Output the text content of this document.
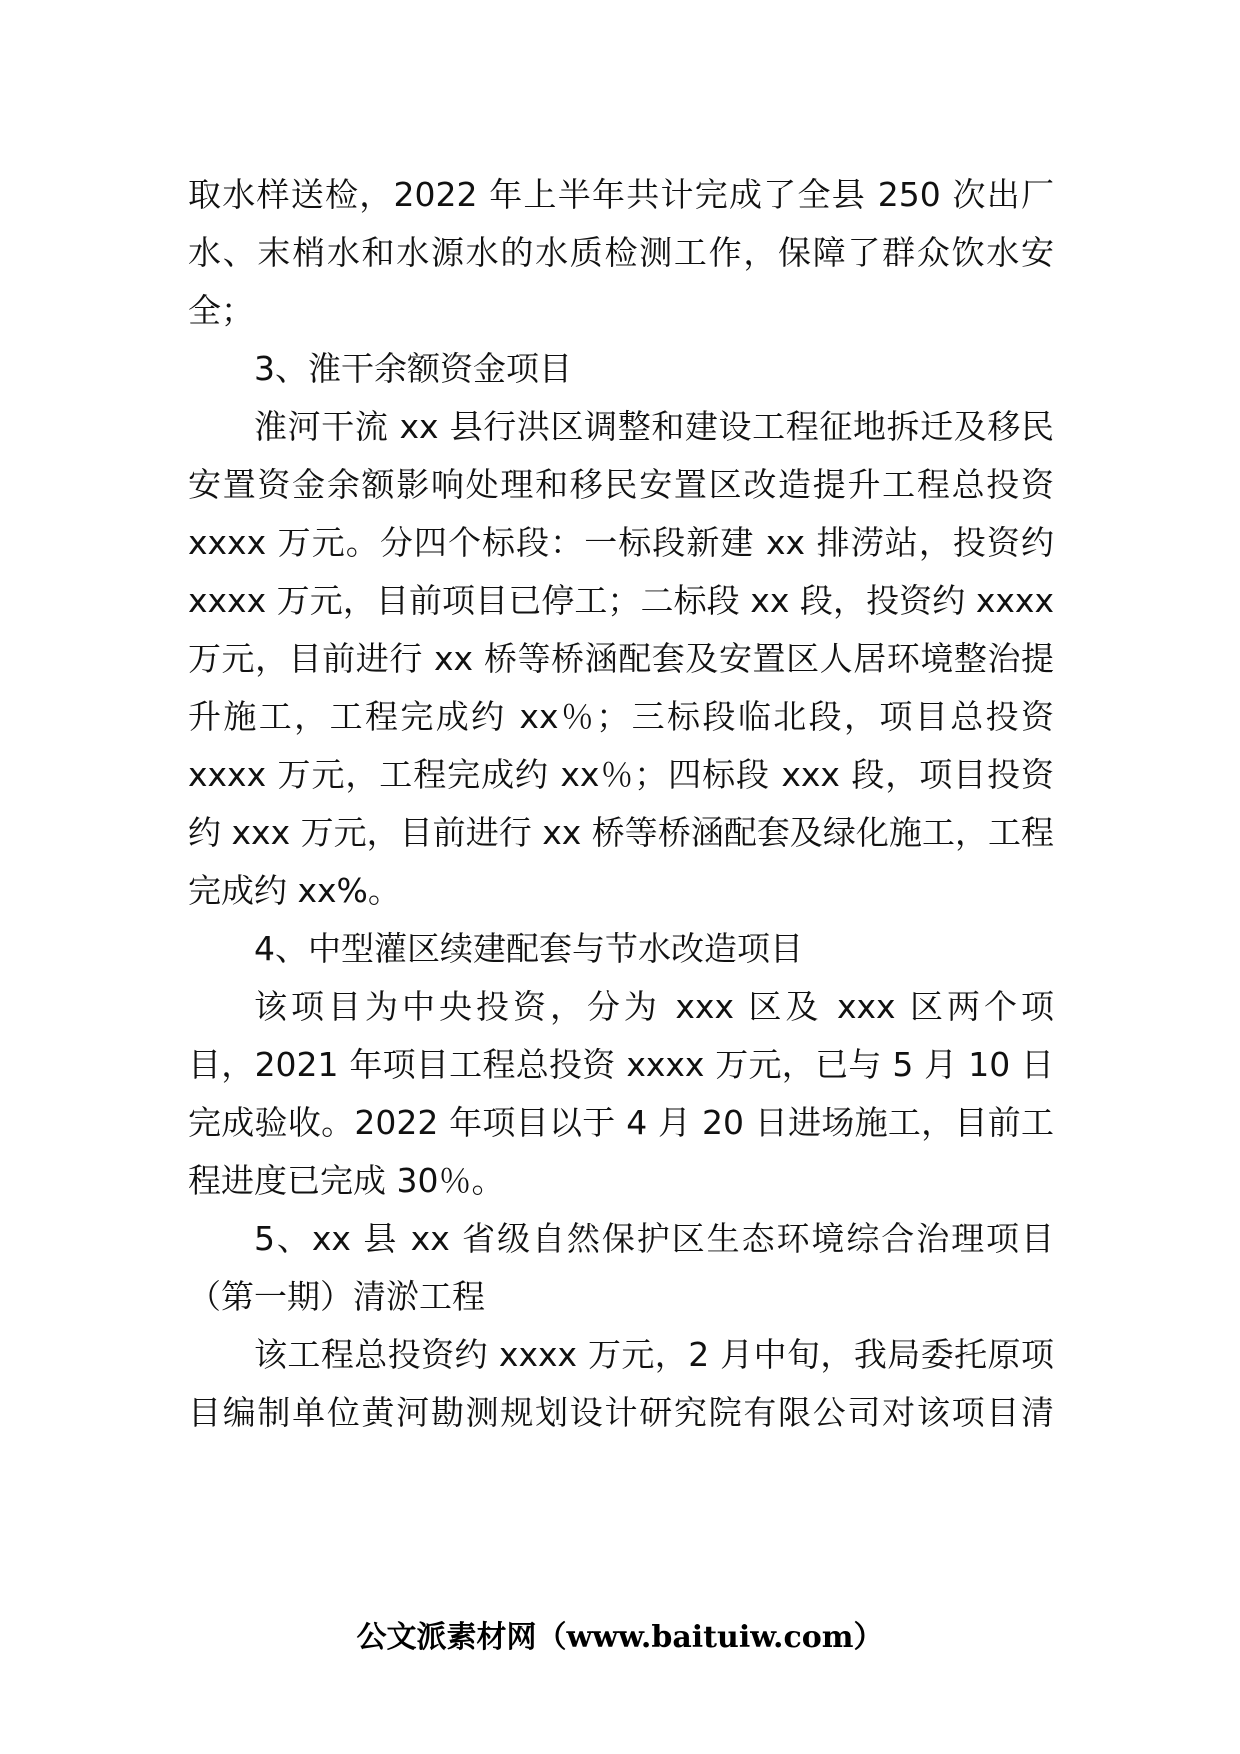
取水样送检，2022 年上半年共计完成了全县 250 次出厂
水、末梢水和水源水的水质检测工作，保障了群众饮水安
全；
3、淮干余额资金项目
淮河干流 xx 县行洪区调整和建设工程征地拆迁及移民
安置资金余额影响处理和移民安置区改造提升工程总投资
xxxx 万元。分四个标段：一标段新建 xx 排涝站，投资约
xxxx 万元，目前项目已停工；二标段 xx 段，投资约 xxxx
万元，目前进行 xx 桥等桥涵配套及安置区人居环境整治提
升施工，工程完成约 xx％；三标段临北段，项目总投资
xxxx 万元，工程完成约 xx％；四标段 xxx 段，项目投资
约 xxx 万元，目前进行 xx 桥等桥涵配套及绿化施工，工程
完成约 xx%。
4、中型灌区续建配套与节水改造项目
该项目为中央投资，分为 xxx 区及 xxx 区两个项
目，2021 年项目工程总投资 xxxx 万元，已与 5 月 10 日
完成验收。2022 年项目以于 4 月 20 日进场施工，目前工
程进度已完成 30％。
5、xx 县 xx 省级自然保护区生态环境综合治理项目
（第一期）清淤工程
该工程总投资约 xxxx 万元，2 月中旬，我局委托原项
目编制单位黄河勘测规划设计研究院有限公司对该项目清
公文派素材网（www.baituiw.com）
